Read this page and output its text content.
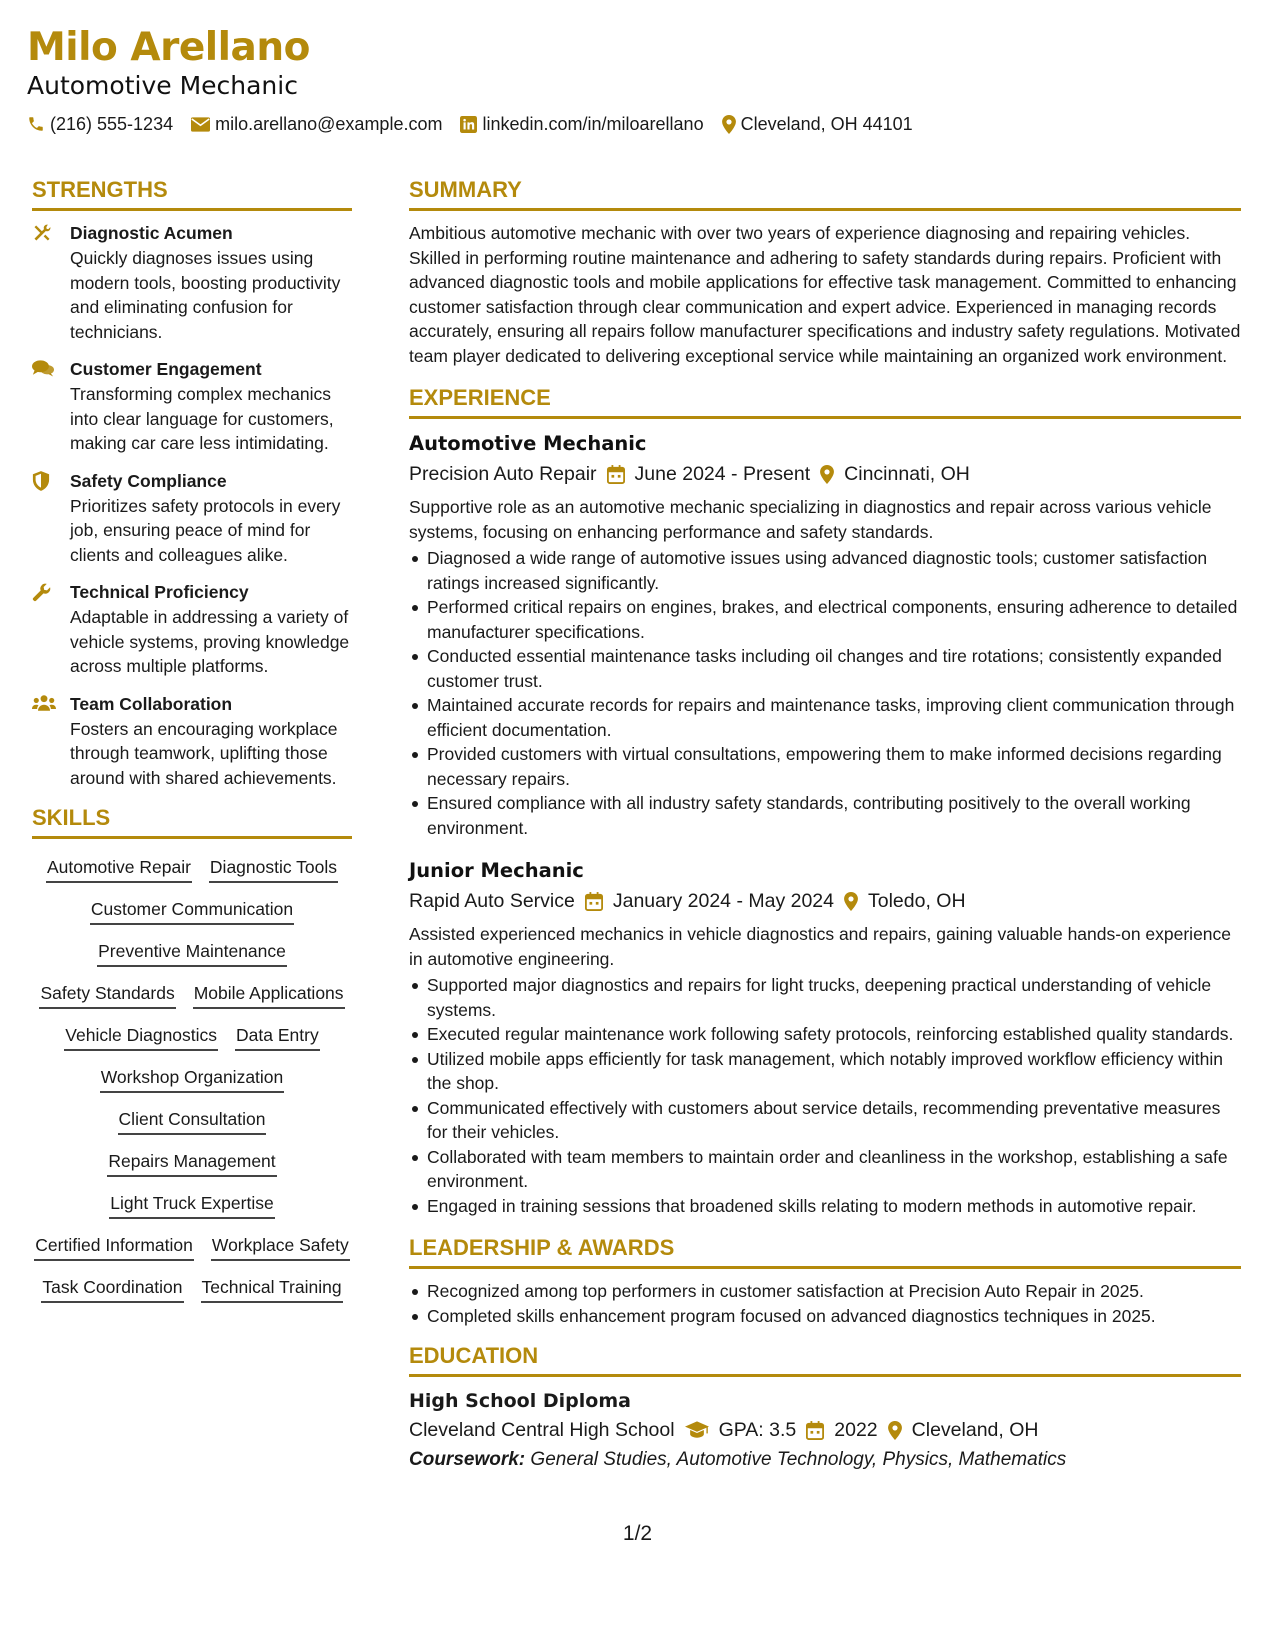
Milo Arellano
Automotive Mechanic
(216) 555-1234 milo.arellano@example.com linkedin.com/in/miloarellano Cleveland, OH 44101
STRENGTHS
Diagnostic Acumen
Quickly diagnoses issues using modern tools, boosting productivity and eliminating confusion for technicians.
Customer Engagement
Transforming complex mechanics into clear language for customers, making car care less intimidating.
Safety Compliance
Prioritizes safety protocols in every job, ensuring peace of mind for clients and colleagues alike.
Technical Proficiency
Adaptable in addressing a variety of vehicle systems, proving knowledge across multiple platforms.
Team Collaboration
Fosters an encouraging workplace through teamwork, uplifting those around with shared achievements.
SKILLS
Automotive Repair Diagnostic Tools
Customer Communication
Preventive Maintenance
Safety Standards Mobile Applications
Vehicle Diagnostics Data Entry
Workshop Organization
Client Consultation
Repairs Management
Light Truck Expertise
Certified Information Workplace Safety
Task Coordination Technical Training
SUMMARY
Ambitious automotive mechanic with over two years of experience diagnosing and repairing vehicles. Skilled in performing routine maintenance and adhering to safety standards during repairs. Proficient with advanced diagnostic tools and mobile applications for effective task management. Committed to enhancing customer satisfaction through clear communication and expert advice. Experienced in managing records accurately, ensuring all repairs follow manufacturer specifications and industry safety regulations. Motivated team player dedicated to delivering exceptional service while maintaining an organized work environment.
EXPERIENCE
Automotive Mechanic
Precision Auto Repair June 2024 - Present Cincinnati, OH
Supportive role as an automotive mechanic specializing in diagnostics and repair across various vehicle systems, focusing on enhancing performance and safety standards.
Diagnosed a wide range of automotive issues using advanced diagnostic tools; customer satisfaction ratings increased significantly.
Performed critical repairs on engines, brakes, and electrical components, ensuring adherence to detailed manufacturer specifications.
Conducted essential maintenance tasks including oil changes and tire rotations; consistently expanded customer trust.
Maintained accurate records for repairs and maintenance tasks, improving client communication through efficient documentation.
Provided customers with virtual consultations, empowering them to make informed decisions regarding necessary repairs.
Ensured compliance with all industry safety standards, contributing positively to the overall working environment.
Junior Mechanic
Rapid Auto Service January 2024 - May 2024 Toledo, OH
Assisted experienced mechanics in vehicle diagnostics and repairs, gaining valuable hands-on experience in automotive engineering.
Supported major diagnostics and repairs for light trucks, deepening practical understanding of vehicle systems.
Executed regular maintenance work following safety protocols, reinforcing established quality standards.
Utilized mobile apps efficiently for task management, which notably improved workflow efficiency within the shop.
Communicated effectively with customers about service details, recommending preventative measures for their vehicles.
Collaborated with team members to maintain order and cleanliness in the workshop, establishing a safe environment.
Engaged in training sessions that broadened skills relating to modern methods in automotive repair.
LEADERSHIP & AWARDS
Recognized among top performers in customer satisfaction at Precision Auto Repair in 2025.
Completed skills enhancement program focused on advanced diagnostics techniques in 2025.
EDUCATION
High School Diploma
Cleveland Central High School GPA: 3.5 2022 Cleveland, OH
Coursework: General Studies, Automotive Technology, Physics, Mathematics
1/2
